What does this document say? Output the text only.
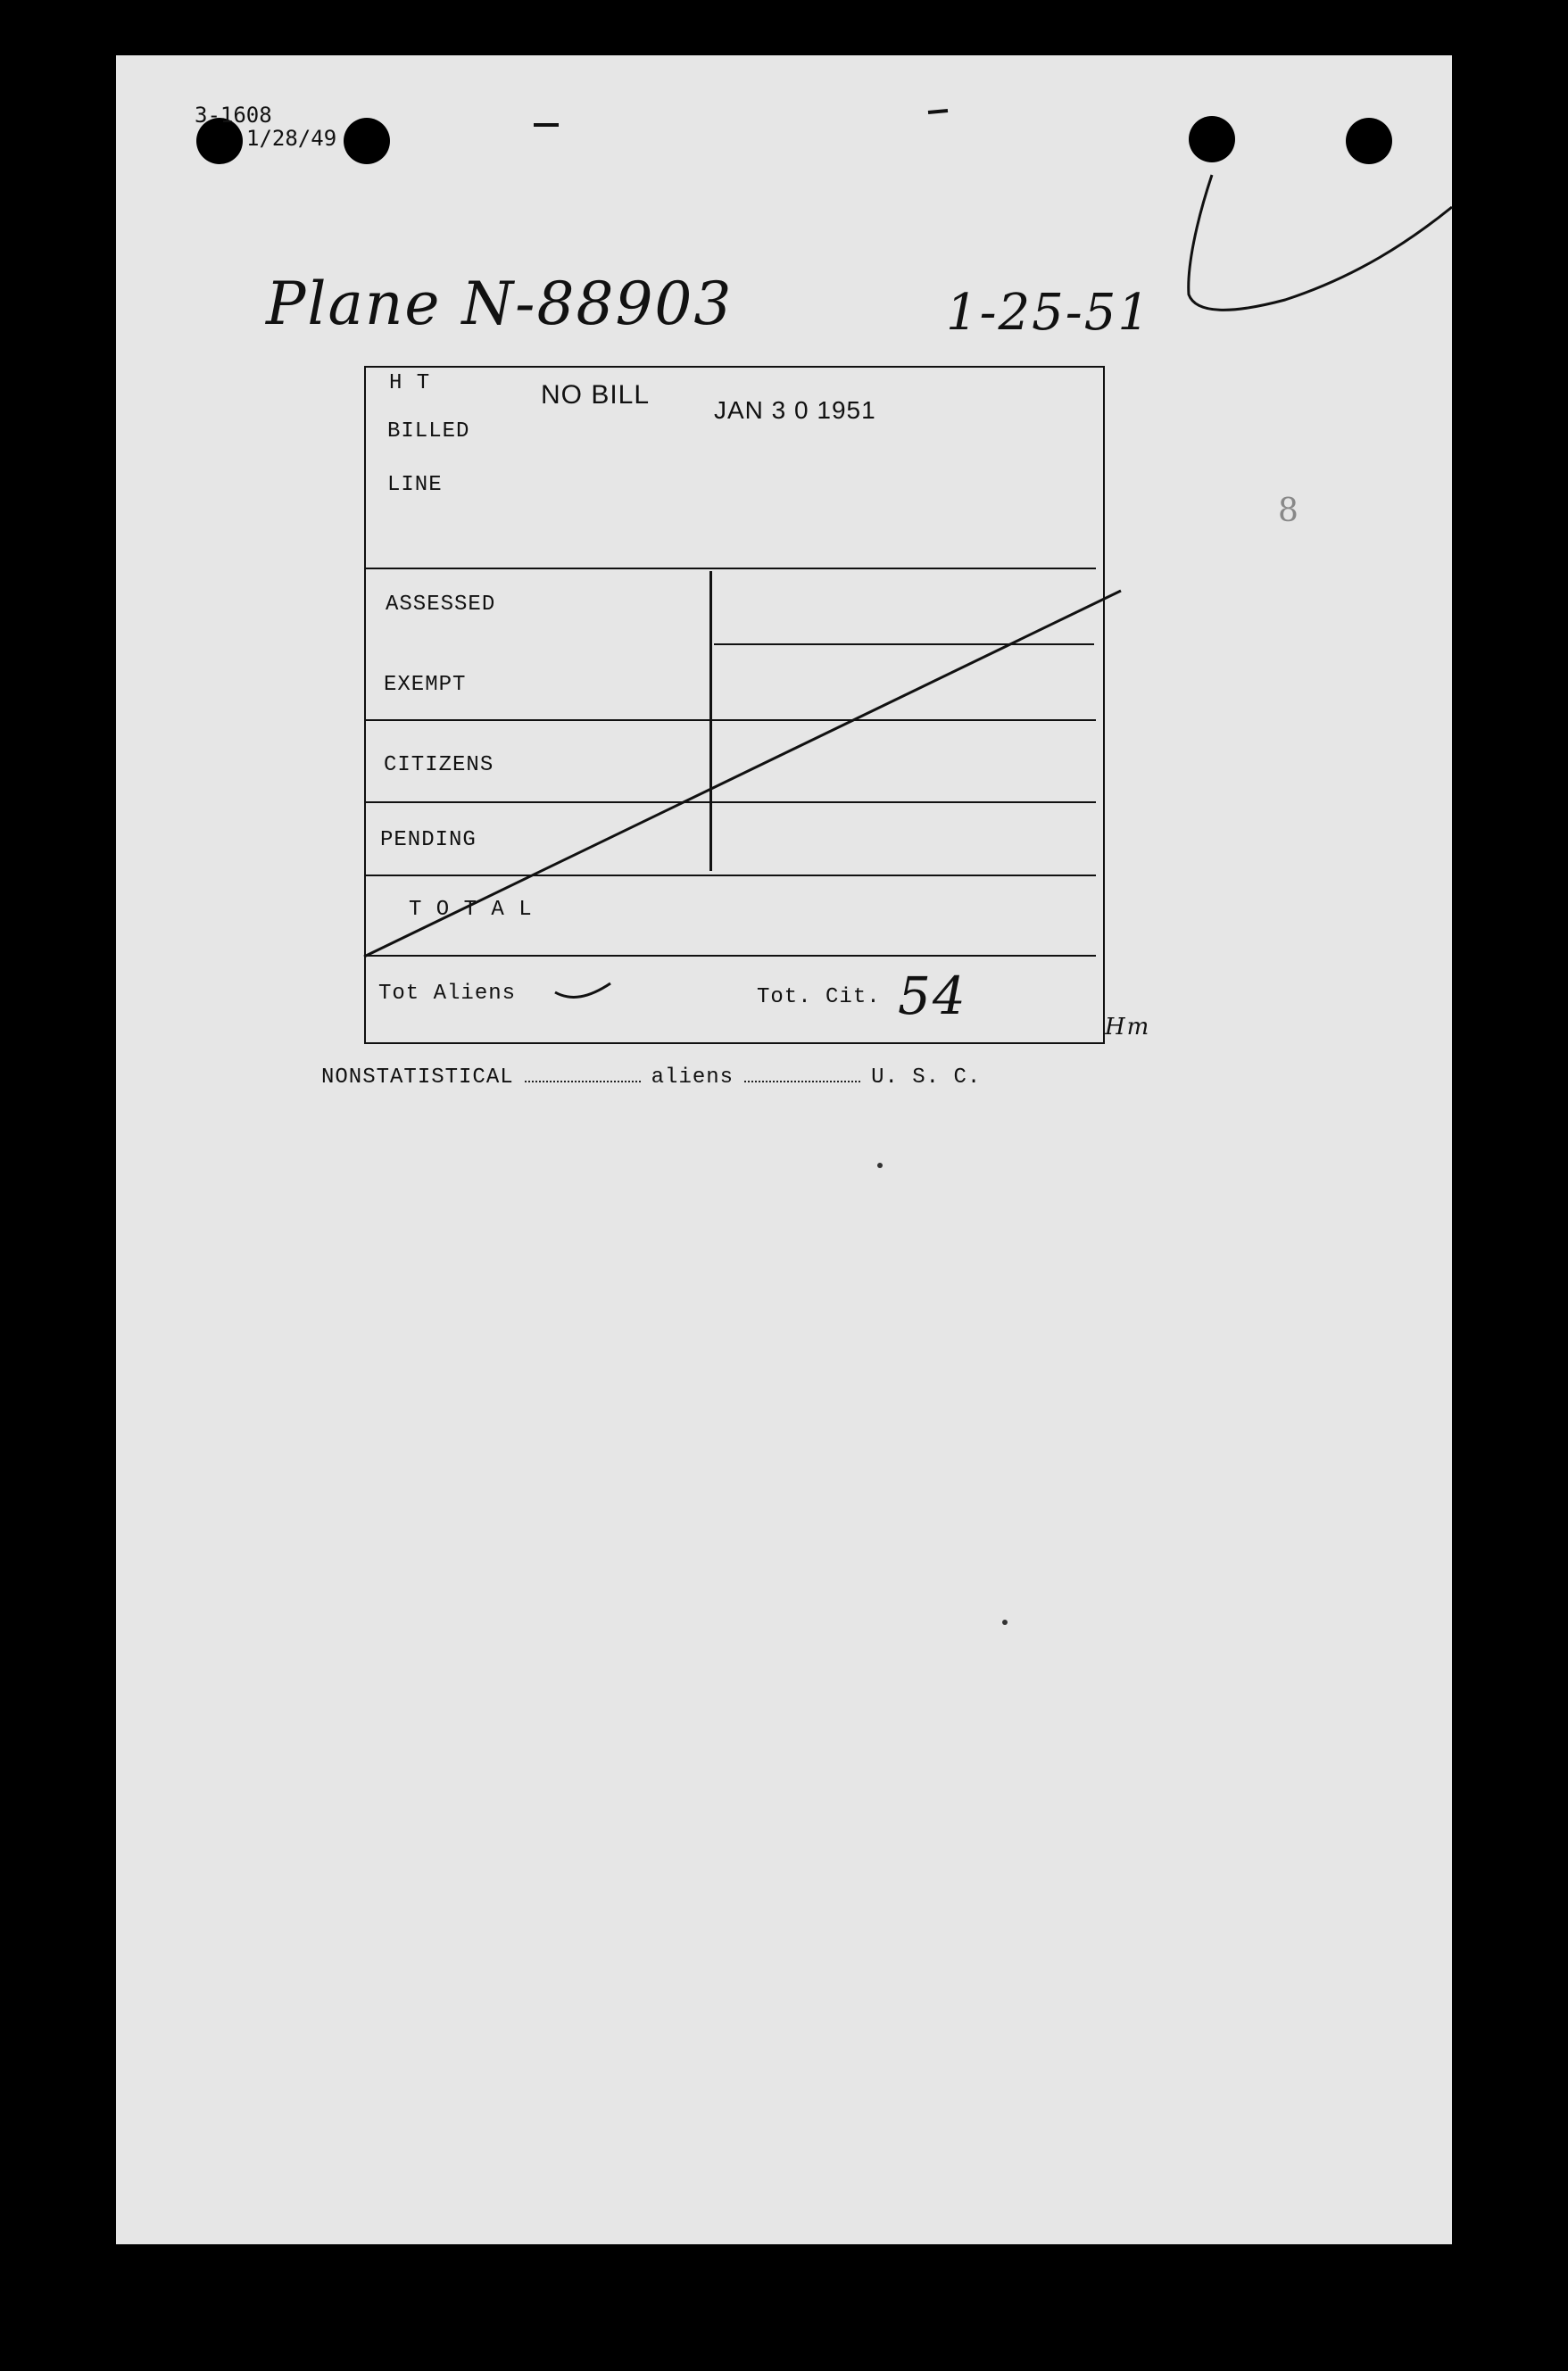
3-1608
1/28/49
Plane N-88903	1-25-51
8
H T
BILLED
LINE
NO BILL
JAN 3 0 1951
ASSESSED
EXEMPT
CITIZENS
PENDING
T O T A L
Tot Aliens	Tot. Cit. 54
Hm
NONSTATISTICAL	aliens	U. S. C.
